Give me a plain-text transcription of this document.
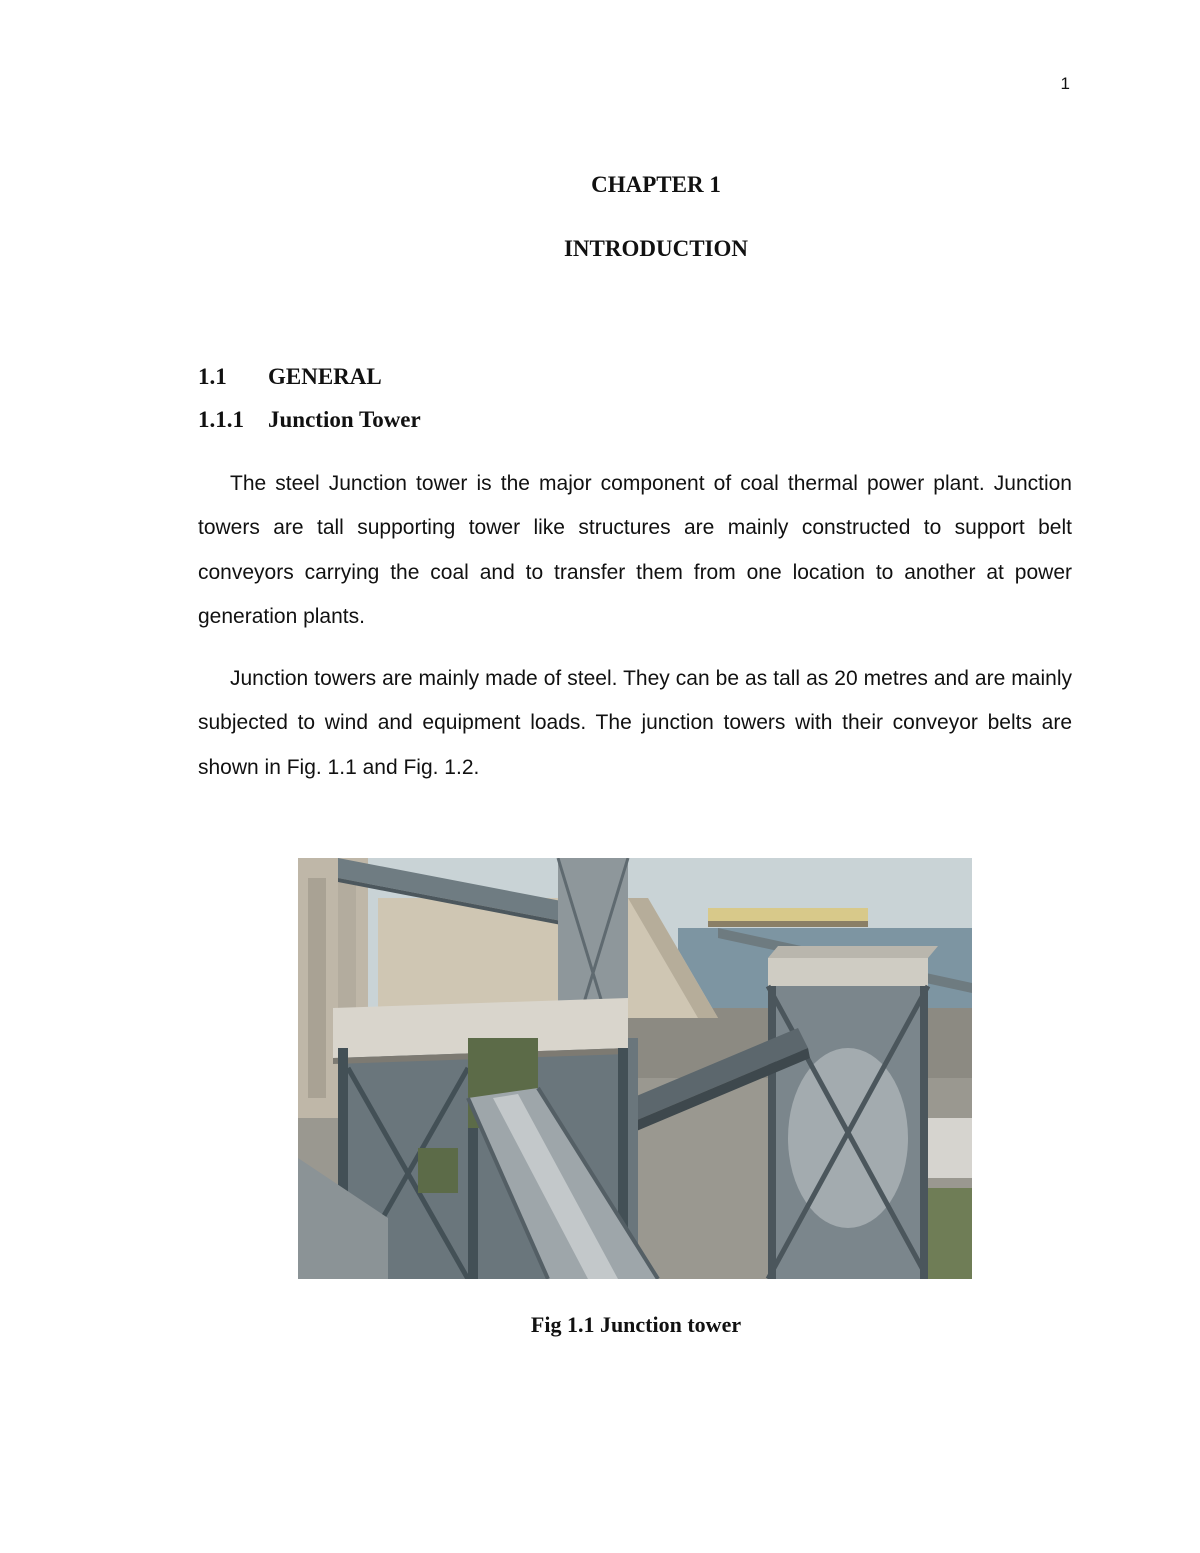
1
CHAPTER 1
INTRODUCTION
1.1	GENERAL
1.1.1	Junction Tower

The steel Junction tower is the major component of coal thermal power plant. Junction towers are tall supporting tower like structures are mainly constructed to support belt conveyors carrying the coal and to transfer them from one location to another at power generation plants.

Junction towers are mainly made of steel. They can be as tall as 20 metres and are mainly subjected to wind and equipment loads. The junction towers with their conveyor belts are shown in Fig. 1.1 and Fig. 1.2.

Fig 1.1 Junction tower
